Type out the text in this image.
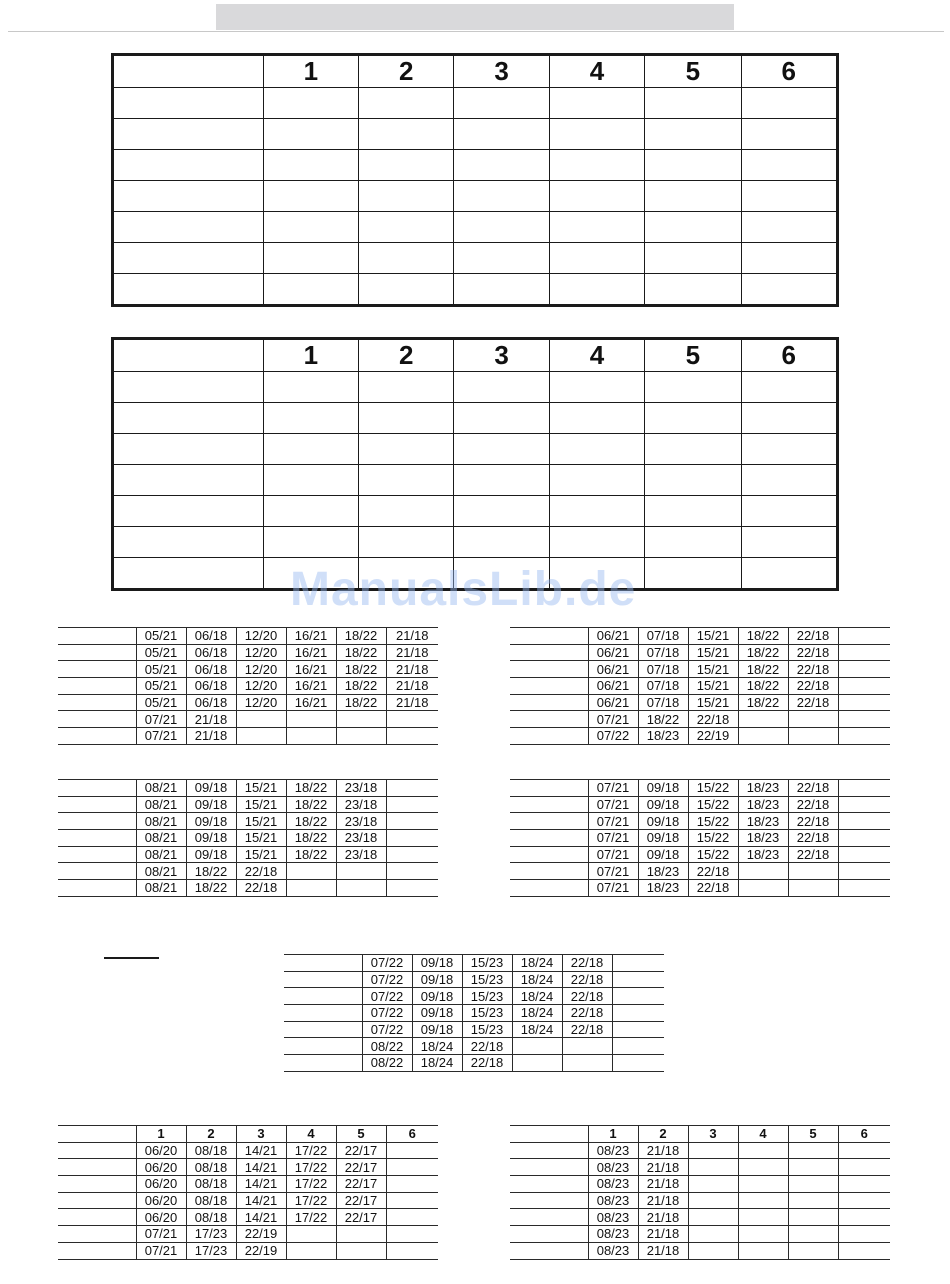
	1	2	3	4	5	6

	1	2	3	4	5	6

	05/21	06/18	12/20	16/21	18/22	21/18
	05/21	06/18	12/20	16/21	18/22	21/18
	05/21	06/18	12/20	16/21	18/22	21/18
	05/21	06/18	12/20	16/21	18/22	21/18
	05/21	06/18	12/20	16/21	18/22	21/18
	07/21	21/18				
	07/21	21/18				
	06/21	07/18	15/21	18/22	22/18	
	06/21	07/18	15/21	18/22	22/18	
	06/21	07/18	15/21	18/22	22/18	
	06/21	07/18	15/21	18/22	22/18	
	06/21	07/18	15/21	18/22	22/18	
	07/21	18/22	22/18			
	07/22	18/23	22/19			
	08/21	09/18	15/21	18/22	23/18	
	08/21	09/18	15/21	18/22	23/18	
	08/21	09/18	15/21	18/22	23/18	
	08/21	09/18	15/21	18/22	23/18	
	08/21	09/18	15/21	18/22	23/18	
	08/21	18/22	22/18			
	08/21	18/22	22/18			
	07/21	09/18	15/22	18/23	22/18	
	07/21	09/18	15/22	18/23	22/18	
	07/21	09/18	15/22	18/23	22/18	
	07/21	09/18	15/22	18/23	22/18	
	07/21	09/18	15/22	18/23	22/18	
	07/21	18/23	22/18			
	07/21	18/23	22/18			
	07/22	09/18	15/23	18/24	22/18	
	07/22	09/18	15/23	18/24	22/18	
	07/22	09/18	15/23	18/24	22/18	
	07/22	09/18	15/23	18/24	22/18	
	07/22	09/18	15/23	18/24	22/18	
	08/22	18/24	22/18			
	08/22	18/24	22/18			
	1	2	3	4	5	6
	06/20	08/18	14/21	17/22	22/17	
	06/20	08/18	14/21	17/22	22/17	
	06/20	08/18	14/21	17/22	22/17	
	06/20	08/18	14/21	17/22	22/17	
	06/20	08/18	14/21	17/22	22/17	
	07/21	17/23	22/19			
	07/21	17/23	22/19			
	1	2	3	4	5	6
	08/23	21/18				
	08/23	21/18				
	08/23	21/18				
	08/23	21/18				
	08/23	21/18				
	08/23	21/18				
	08/23	21/18				
ManualsLib.de
